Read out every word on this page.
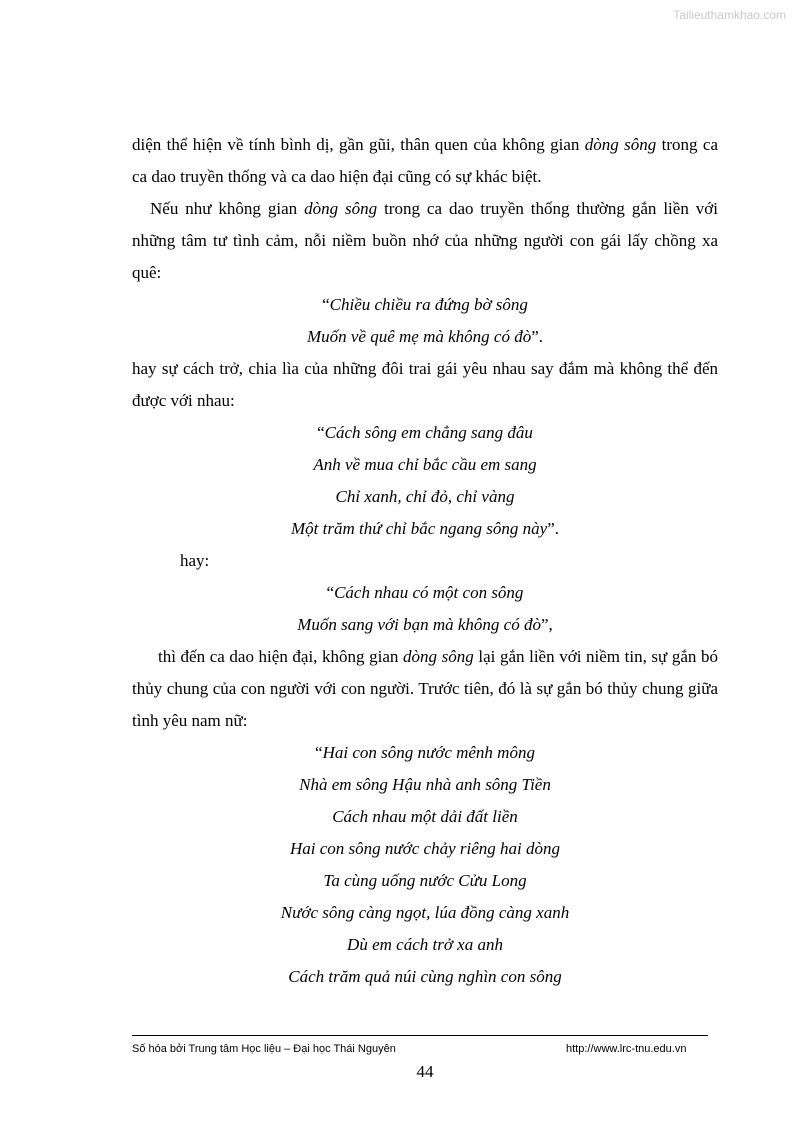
Tailieuthamkhao.com

diện thể hiện về tính bình dị, gần gũi, thân quen của không gian dòng sông trong ca ca dao truyền thống và ca dao hiện đại cũng có sự khác biệt.

Nếu như không gian dòng sông trong ca dao truyền thống thường gắn liền với những tâm tư tình cảm, nỗi niềm buồn nhớ của những người con gái lấy chồng xa quê:

“Chiều chiều ra đứng bờ sông

Muốn về quê mẹ mà không có đò”.

hay sự cách trở, chia lìa của những đôi trai gái yêu nhau say đắm mà không thể đến được với nhau:

“Cách sông em chẳng sang đâu

Anh về mua chỉ bắc cầu em sang

Chỉ xanh, chỉ đỏ, chỉ vàng

Một trăm thứ chỉ bắc ngang sông này”.

hay:

“Cách nhau có một con sông

Muốn sang với bạn mà không có đò”,

thì đến ca dao hiện đại, không gian dòng sông lại gắn liền với niềm tin, sự gắn bó thủy chung của con người với con người. Trước tiên, đó là sự gắn bó thủy chung giữa tình yêu nam nữ:

“Hai con sông nước mênh mông

Nhà em sông Hậu nhà anh sông Tiền

Cách nhau một dải đất liền

Hai con sông nước chảy riêng hai dòng

Ta cùng uống nước Cửu Long

Nước sông càng ngọt, lúa đồng càng xanh

Dù em cách trở xa anh

Cách trăm quả núi cùng nghìn con sông

Số hóa bởi Trung tâm Học liệu – Đại học Thái Nguyên	http://www.lrc-tnu.edu.vn
44
